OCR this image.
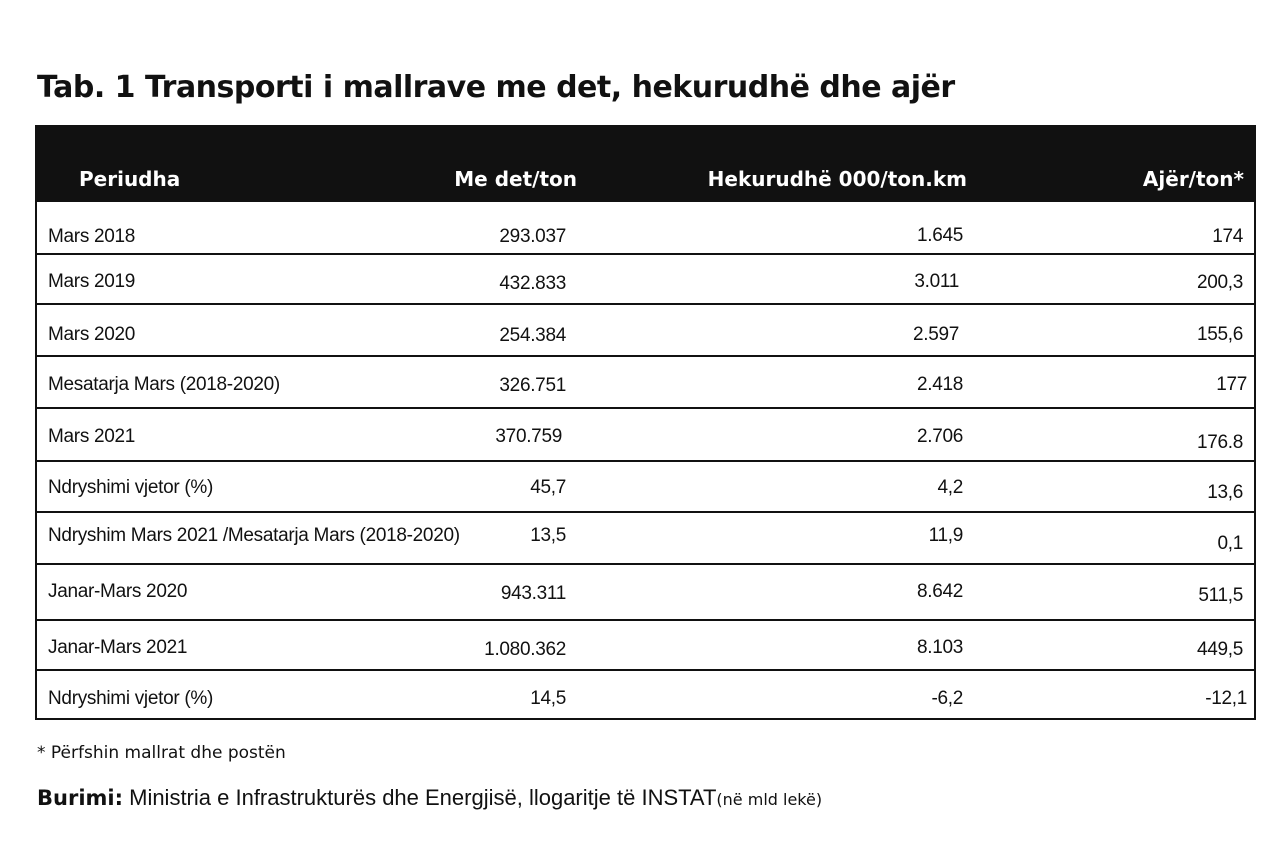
Tab. 1 Transporti i mallrave me det, hekurudhë dhe ajër
Periudha	Me det/ton	Hekurudhë 000/ton.km	Ajër/ton*
Mars 2018	293.037	1.645	174
Mars 2019	432.833	3.011	200,3
Mars 2020	254.384	2.597	155,6
Mesatarja Mars (2018-2020)	326.751	2.418	177
Mars 2021	370.759	2.706	176.8
Ndryshimi vjetor (%)	45,7	4,2	13,6
Ndryshim Mars 2021 /Mesatarja Mars (2018-2020)	13,5	11,9	0,1
Janar-Mars 2020	943.311	8.642	511,5
Janar-Mars 2021	1.080.362	8.103	449,5
Ndryshimi vjetor (%)	14,5	-6,2	-12,1
* Përfshin mallrat dhe postën
Burimi: Ministria e Infrastrukturës dhe Energjisë, llogaritje të INSTAT(në mld lekë)
